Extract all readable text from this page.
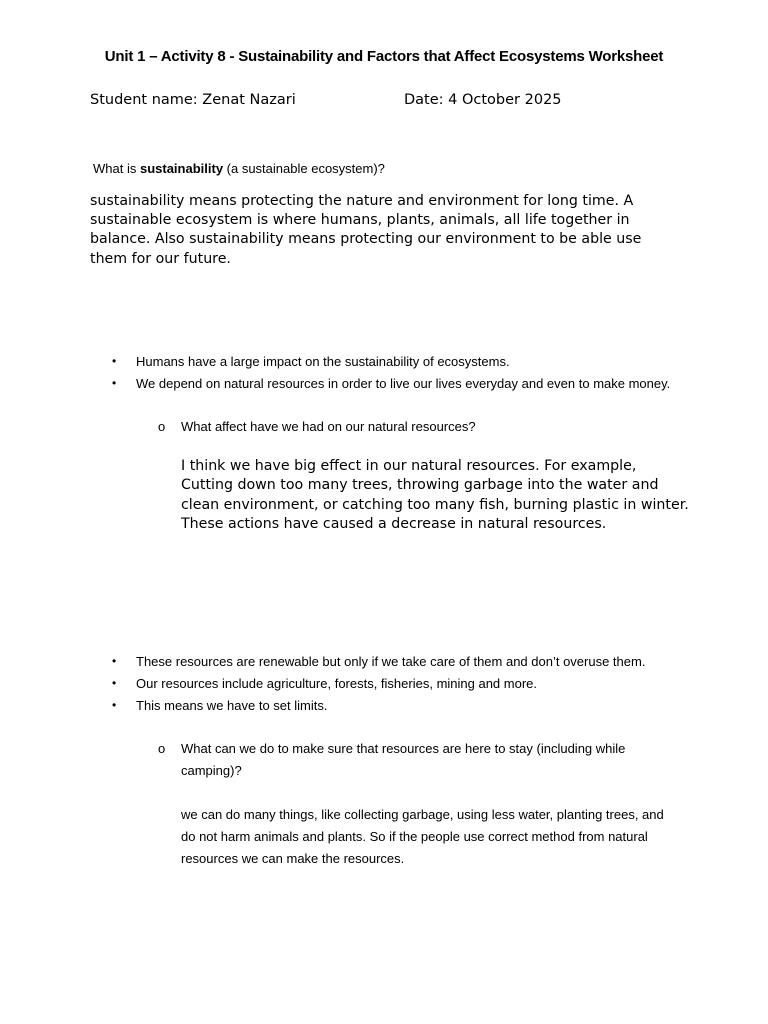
Unit 1 – Activity 8 - Sustainability and Factors that Affect Ecosystems Worksheet
Student name: Zenat Nazari	Date: 4 October 2025
What is sustainability (a sustainable ecosystem)?
sustainability means protecting the nature and environment for long time. A sustainable ecosystem is where humans, plants, animals, all life together in balance. Also sustainability means protecting our environment to be able use them for our future.
• Humans have a large impact on the sustainability of ecosystems.
• We depend on natural resources in order to live our lives everyday and even to make money.
o	What affect have we had on our natural resources?
I think we have big effect in our natural resources. For example, Cutting down too many trees, throwing garbage into the water and clean environment, or catching too many fish, burning plastic in winter. These actions have caused a decrease in natural resources.
• These resources are renewable but only if we take care of them and don’t overuse them.
• Our resources include agriculture, forests, fisheries, mining and more.
• This means we have to set limits.
o	What can we do to make sure that resources are here to stay (including while camping)?
we can do many things, like collecting garbage, using less water, planting trees, and do not harm animals and plants. So if the people use correct method from natural resources we can make the resources.
